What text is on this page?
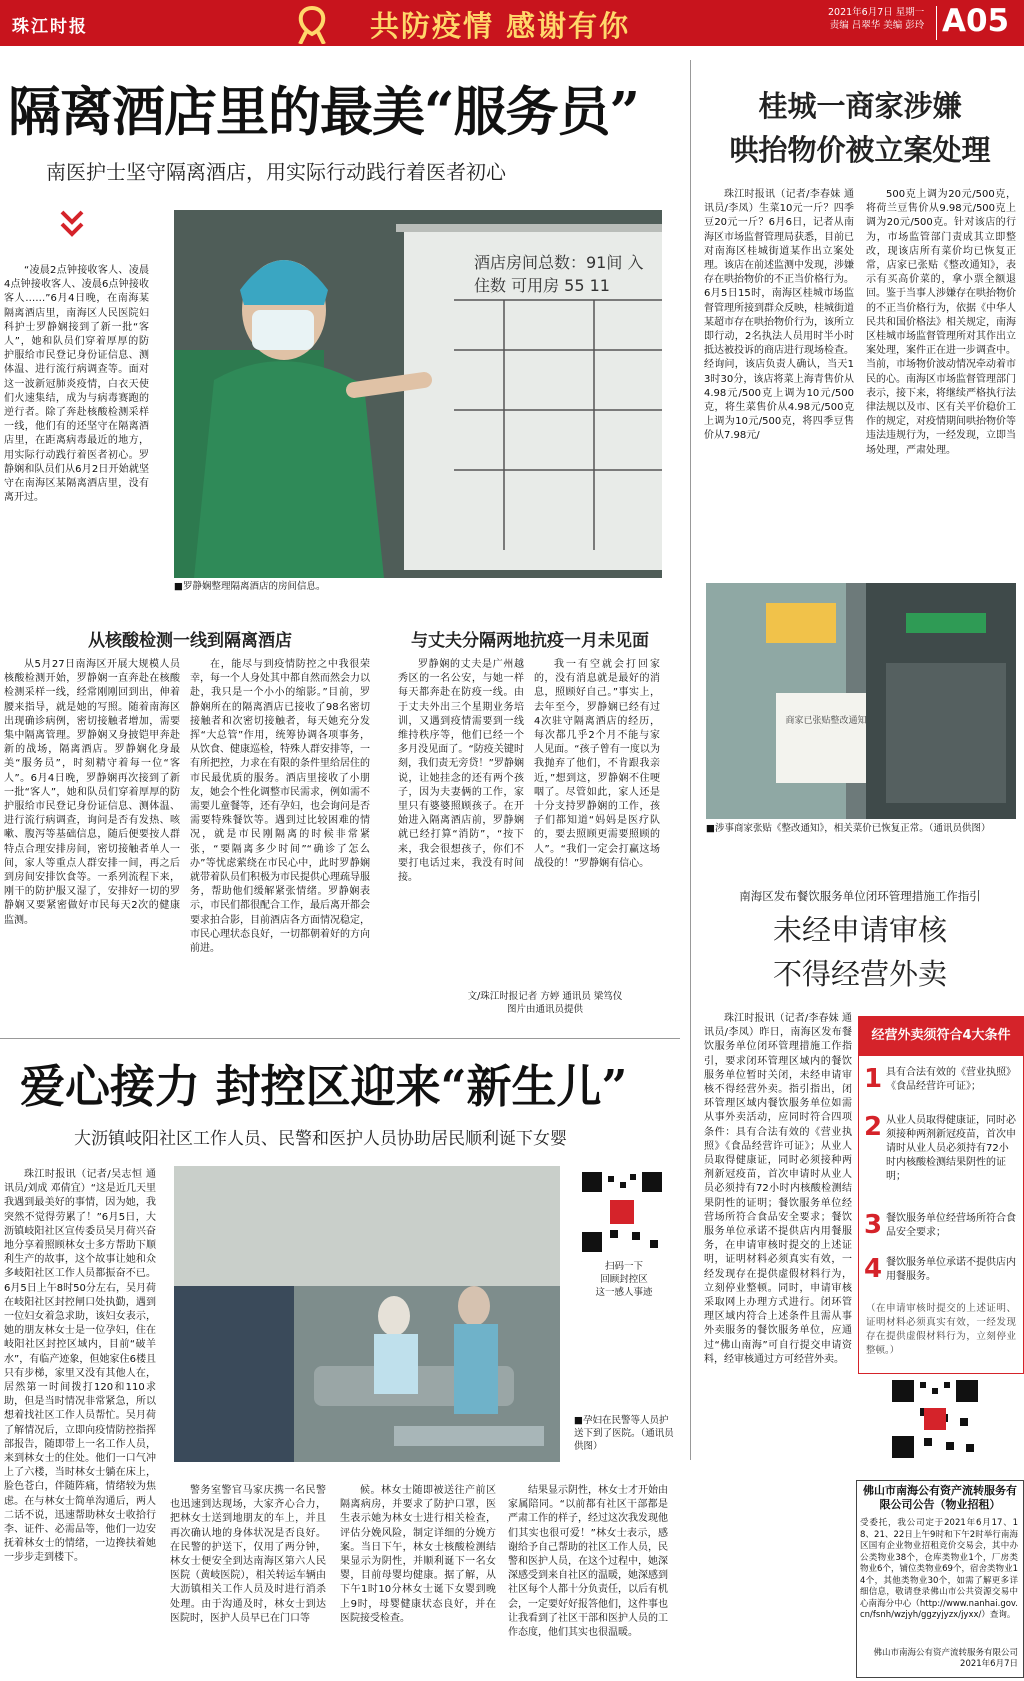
珠江时报	共防疫情 感谢有你	2021年6月7日 星期一
责编 吕翠华 美编 彭玲 A05
隔离酒店里的最美“服务员”
南医护士坚守隔离酒店，用实际行动践行着医者初心
“凌晨2点钟接收客人、凌晨4点钟接收客人、凌晨6点钟接收客人……”6月4日晚，在南海某隔离酒店里，南海区人民医院妇科护士罗静娴接到了新一批“客人”，她和队员们穿着厚厚的防护服给市民登记身份证信息、测体温、进行流行病调查等。面对这一波新冠肺炎疫情，白衣天使们火速集结，成为与病毒赛跑的逆行者。除了奔赴核酸检测采样一线，他们有的还坚守在隔离酒店里，在距离病毒最近的地方，用实际行动践行着医者初心。罗静娴和队员们从6月2日开始就坚守在南海区某隔离酒店里，没有离开过。
酒店房间总数：91间 入住数 可用房 55 11
■罗静娴整理隔离酒店的房间信息。
从核酸检测一线到隔离酒店	与丈夫分隔两地抗疫一月未见面
从5月27日南海区开展大规模人员核酸检测开始，罗静娴一直奔赴在核酸检测采样一线，经常刚刚回到出，伸着腰来指导，就是她的写照。随着南海区出现确诊病例，密切接触者增加，需要集中隔离管理。罗静娴又身披铠甲奔赴新的战场，隔离酒店。罗静娴化身最美“服务员”，时刻精守着每一位“客人”。6月4日晚，罗静娴再次接到了新一批“客人”，她和队员们穿着厚厚的防护服给市民登记身份证信息、测体温、进行流行病调查，询问是否有发热、咳嗽、腹泻等基础信息，随后便要按人群特点合理安排房间，密切接触者单人一间，家人等重点人群安排一间，再之后到房间安排饮食等。一系列流程下来，刚干的防护服又湿了，安排好一切的罗静娴又要紧密做好市民每天2次的健康监测。
在，能尽与到疫情防控之中我很荣幸，每一个人身处其中都自然而然会力以赴，我只是一个小小的缩影。”目前，罗静娴所在的隔离酒店已接收了98名密切接触者和次密切接触者，每天她充分发挥“大总管”作用，统筹协调各项事务，从饮食、健康巡检，特殊人群安排等，一有所把控，力求在有限的条件里给居住的市民最优质的服务。酒店里接收了小朋友，她会个性化调整市民需求，例如需不需要儿童餐等，还有孕妇，也会询问是否需要特殊餐饮等。遇到过比较困难的情况，就是市民刚隔离的时候非常紧张，“要隔离多少时间”“确诊了怎么办”等忧虑萦绕在市民心中，此时罗静娴就带着队员们积极为市民提供心理疏导服务，帮助他们缓解紧张情绪。罗静娴表示，市民们都很配合工作，最后离开都会要求拍合影，目前酒店各方面情况稳定，市民心理状态良好，一切都朝着好的方向前进。
罗静娴的丈夫是广州越秀区的一名公安，与她一样每天都奔赴在防疫一线。由于丈夫外出三个星期业务培训，又遇到疫情需要到一线维持秩序等，他们已经一个多月没见面了。“防疫关键时刻，我们责无旁贷！”罗静娴说，让她挂念的还有两个孩子，因为夫妻俩的工作，家里只有婆婆照顾孩子。在开始进入隔离酒店前，罗静娴就已经打算“消防”，“按下来，我会很想孩子，你们不要打电话过来，我没有时间接。
我一有空就会打回家的，没有消息就是最好的消息，照顾好自己。”事实上，去年至今，罗静娴已经有过4次驻守隔离酒店的经历，每次都几乎2个月不能与家人见面。“孩子曾有一度以为我抛弃了他们，不肯跟我亲近，”想到这，罗静娴不住哽咽了。尽管如此，家人还是十分支持罗静娴的工作，孩子们都知道“妈妈是医疗队的，要去照顾更需要照顾的人”。“我们一定会打赢这场战役的！”罗静娴有信心。
文/珠江时报记者 方婷 通讯员 梁笃仪
图片由通讯员提供
桂城一商家涉嫌
哄抬物价被立案处理
珠江时报讯（记者/李春妹 通讯员/李凤）生菜10元一斤？四季豆20元一斤？6月6日，记者从南海区市场监督管理局获悉，目前已对南海区桂城街道某作出立案处理。该店在前述监测中发现，涉嫌存在哄抬物价的不正当价格行为。6月5日15时，南海区桂城市场监督管理所接到群众反映，桂城街道某超市存在哄抬物价行为，该所立即行动，2名执法人员用时半小时抵达被投诉的商店进行现场检查。经询问，该店负责人确认，当天13时30分，该店将菜上海青售价从4.98元/500克上调为10元/500克，将生菜售价从4.98元/500克上调为10元/500克，将四季豆售价从7.98元/
500克上调为20元/500克，将荷兰豆售价从9.98元/500克上调为20元/500克。针对该店的行为，市场监管部门责成其立即整改，现该店所有菜价均已恢复正常，店家已张贴《整改通知》，表示有买高价菜的，拿小票全额退回。鉴于当事人涉嫌存在哄抬物价的不正当价格行为，依据《中华人民共和国价格法》相关规定，南海区桂城市场监督管理所对其作出立案处理，案件正在进一步调查中。当前，市场物价波动情况牵动着市民的心。南海区市场监督管理部门表示，接下来，将继续严格执行法律法规以及市、区有关平价稳价工作的规定，对疫情期间哄抬物价等违法违规行为，一经发现，立即当场处理，严肃处理。
商家已张贴整改通知
■涉事商家张贴《整改通知》，相关菜价已恢复正常。（通讯员供图）
南海区发布餐饮服务单位闭环管理措施工作指引
未经申请审核
不得经营外卖
珠江时报讯（记者/李春妹 通讯员/李凤）昨日，南海区发布餐饮服务单位闭环管理措施工作指引，要求闭环管理区域内的餐饮服务单位暂时关闭，未经申请审核不得经营外卖。指引指出，闭环管理区域内餐饮服务单位如需从事外卖活动，应同时符合四项条件：具有合法有效的《营业执照》《食品经营许可证》；从业人员取得健康证，同时必须接种两剂新冠疫苗，首次申请时从业人员必须持有72小时内核酸检测结果阴性的证明；餐饮服务单位经营场所符合食品安全要求；餐饮服务单位承诺不提供店内用餐服务，在申请审核时提交的上述证明，证明材料必须真实有效，一经发现存在提供虚假材料行为，立刻停业整顿。同时，申请审核采取网上办理方式进行。闭环管理区域内符合上述条件且需从事外卖服务的餐饮服务单位，应通过“佛山南海”可自行提交申请资料，经审核通过方可经营外卖。
经营外卖须符合4大条件
1 具有合法有效的《营业执照》《食品经营许可证》；
2 从业人员取得健康证，同时必须接种两剂新冠疫苗，首次申请时从业人员必须持有72小时内核酸检测结果阴性的证明；
3 餐饮服务单位经营场所符合食品安全要求；
4 餐饮服务单位承诺不提供店内用餐服务。
（在申请审核时提交的上述证明、证明材料必须真实有效，一经发现存在提供虚假材料行为，立刻停业整顿。）
佛山市南海公有资产流转服务有限公司公告（物业招租）
受委托，我公司定于2021年6月17、18、21、22日上午9时和下午2时举行南海区国有企业物业招租竞价交易会，其中办公类物业38个，仓库类物业1个，厂房类物业6个，铺位类物业69个，宿舍类物业14个，其他类物业30个，如需了解更多详细信息，敬请登录佛山市公共资源交易中心南海分中心（http://www.nanhai.gov.cn/fsnh/wzjyh/ggzyjyzx/jyxx/）查询。
佛山市南海公有资产流转服务有限公司
2021年6月7日
爱心接力 封控区迎来“新生儿”
大沥镇岐阳社区工作人员、民警和医护人员协助居民顺利诞下女婴
珠江时报讯（记者/吴志恒 通讯员/刘成 邓倩宜）“这是近几天里我遇到最美好的事情，因为她，我突然不觉得劳累了！”6月5日，大沥镇岐阳社区宣传委员吴月荷兴奋地分享着照顾林女士多方帮助下顺利生产的故事，这个故事让她和众多岐阳社区工作人员都振奋不已。6月5日上午8时50分左右，吴月荷在岐阳社区封控闸口处执勤，遇到一位妇女着急求助，该妇女表示，她的朋友林女士是一位孕妇，住在岐阳社区封控区域内，目前“破羊水”，有临产迹象，但她家住6楼且只有步梯，家里又没有其他人在，居然第一时间拨打120和110求助，但是当时情况非常紧急，所以想着找社区工作人员帮忙。吴月荷了解情况后，立即向疫情防控指挥部报告，随即带上一名工作人员，来到林女士的住处。他们一口气冲上了六楼，当时林女士躺在床上，脸色苍白，伴随阵痛，情绪较为焦虑。在与林女士简单沟通后，两人二话不说，迅速帮助林女士收拾行李、证件、必需品等，他们一边安抚着林女士的情绪，一边搀扶着她一步步走到楼下。
■孕妇在民警等人员护送下到了医院。（通讯员供图）
扫码一下
回顾封控区
这一感人事迹
警务室警官马家庆携一名民警也迅速到达现场，大家齐心合力，把林女士送到地朋友的车上，并且再次确认地的身体状况是否良好。在民警的护送下，仅用了两分钟，林女士便安全到达南海区第六人民医院（黄岐医院），相关转运车辆由大沥镇相关工作人员及时进行消杀处理。由于沟通及时，林女士到达医院时，医护人员早已在门口等
候。林女士随即被送往产前区隔离病房，并要求了防护口罩，医生表示她为林女士进行相关检查，评估分娩风险，制定详细的分娩方案。当日下午，林女士核酸检测结果显示为阴性，并顺利诞下一名女婴，目前母婴均健康。据了解，从下午1时10分林女士诞下女婴到晚上9时，母婴健康状态良好，并在医院接受检查。
结果显示阴性，林女士才开始由家属陪同。“以前都有社区干部都是严肃工作的样子，经过这次我发现他们其实也很可爱！”林女士表示，感谢给予自己帮助的社区工作人员，民警和医护人员，在这个过程中，她深深感受到来自社区的温暖，她深感到社区每个人都十分负责任，以后有机会，一定要好好报答他们，这件事也让我看到了社区干部和医护人员的工作态度，他们其实也很温暖。
